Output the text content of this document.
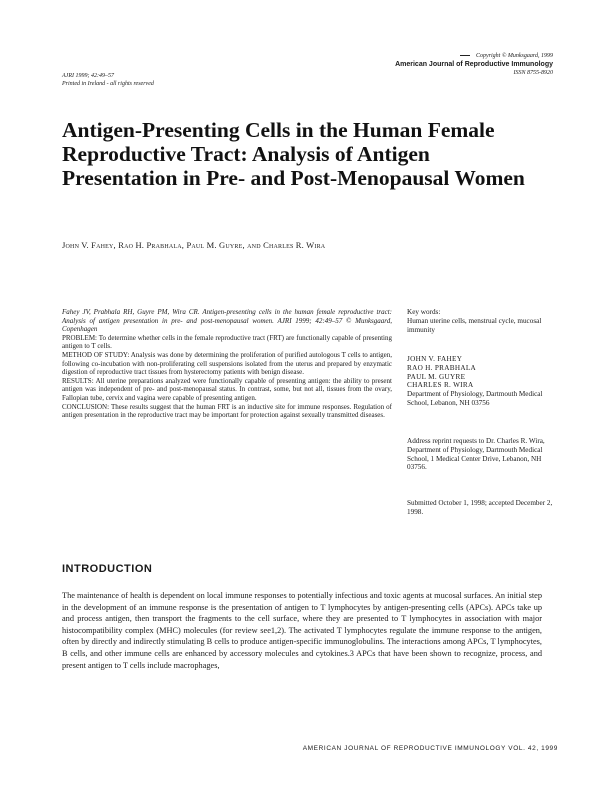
Copyright © Munksgaard, 1999
American Journal of Reproductive Immunology
ISSN 8755-8920
AJRI 1999; 42:49–57
Printed in Ireland - all rights reserved
Antigen-Presenting Cells in the Human Female Reproductive Tract: Analysis of Antigen Presentation in Pre- and Post-Menopausal Women
John V. Fahey, Rao H. Prabhala, Paul M. Guyre, and Charles R. Wira

Fahey JV, Prabhala RH, Guyre PM, Wira CR. Antigen-presenting cells in the human female reproductive tract: Analysis of antigen presentation in pre- and post-menopausal women. AJRI 1999; 42:49–57 © Munksgaard, Copenhagen

PROBLEM: To determine whether cells in the female reproductive tract (FRT) are functionally capable of presenting antigen to T cells.

METHOD OF STUDY: Analysis was done by determining the proliferation of purified autologous T cells to antigen, following co-incubation with non-proliferating cell suspensions isolated from the uterus and prepared by enzymatic digestion of reproductive tract tissues from hysterectomy patients with benign disease.

RESULTS: All uterine preparations analyzed were functionally capable of presenting antigen: the ability to present antigen was independent of pre- and post-menopausal status. In contrast, some, but not all, tissues from the ovary, Fallopian tube, cervix and vagina were capable of presenting antigen.

CONCLUSION: These results suggest that the human FRT is an inductive site for immune responses. Regulation of antigen presentation in the reproductive tract may be important for protection against sexually transmitted diseases.

Key words:

Human uterine cells, menstrual cycle, mucosal immunity

JOHN V. FAHEY

RAO H. PRABHALA

PAUL M. GUYRE

CHARLES R. WIRA

Department of Physiology, Dartmouth Medical School, Lebanon, NH 03756

Address reprint requests to Dr. Charles R. Wira, Department of Physiology, Dartmouth Medical School, 1 Medical Center Drive, Lebanon, NH 03756.
Submitted October 1, 1998; accepted December 2, 1998.
INTRODUCTION

The maintenance of health is dependent on local immune responses to potentially infectious and toxic agents at mucosal surfaces. An initial step in the development of an immune response is the presentation of antigen to T lymphocytes by antigen-presenting cells (APCs). APCs take up and process antigen, then transport the fragments to the cell surface, where they are presented to T lymphocytes in association with major histocompatibility complex (MHC) molecules (for review see1,2). The activated T lymphocytes regulate the immune response to the antigen, often by directly and indirectly stimulating B cells to produce antigen-specific immunoglobulins. The interactions among APCs, T lymphocytes, B cells, and other immune cells are enhanced by accessory molecules and cytokines.3 APCs that have been shown to recognize, process, and present antigen to T cells include macrophages,

AMERICAN JOURNAL OF REPRODUCTIVE IMMUNOLOGY VOL. 42, 1999
